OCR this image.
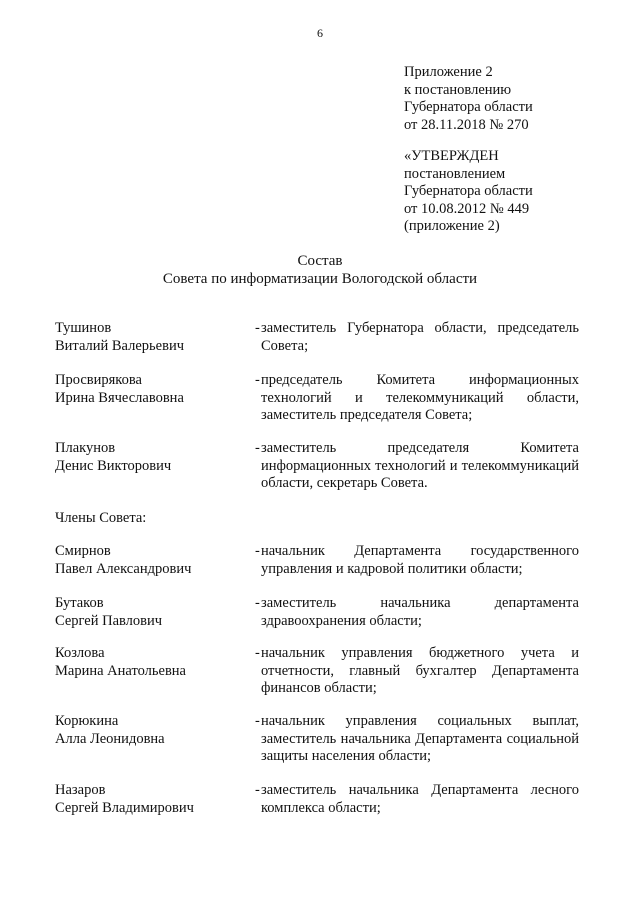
6
Приложение 2
к постановлению
Губернатора области
от 28.11.2018 № 270
«УТВЕРЖДЕН
постановлением
Губернатора области
от 10.08.2012 № 449
(приложение 2)
Состав
Совета по информатизации Вологодской области
Тушинов
Виталий Валерьевич
- заместитель Губернатора области, председатель Совета;
Просвирякова
Ирина Вячеславовна
- председатель Комитета информационных технологий и телекоммуникаций области, заместитель председателя Совета;
Плакунов
Денис Викторович
- заместитель председателя Комитета информационных технологий и телекоммуникаций области, секретарь Совета.
Члены Совета:
Смирнов
Павел Александрович
- начальник Департамента государственного управления и кадровой политики области;
Бутаков
Сергей Павлович
- заместитель начальника департамента здравоохранения области;
Козлова
Марина Анатольевна
- начальник управления бюджетного учета и отчетности, главный бухгалтер Департамента финансов области;
Корюкина
Алла Леонидовна
- начальник управления социальных выплат, заместитель начальника Департамента социальной защиты населения области;
Назаров
Сергей Владимирович
- заместитель начальника Департамента лесного комплекса области;
